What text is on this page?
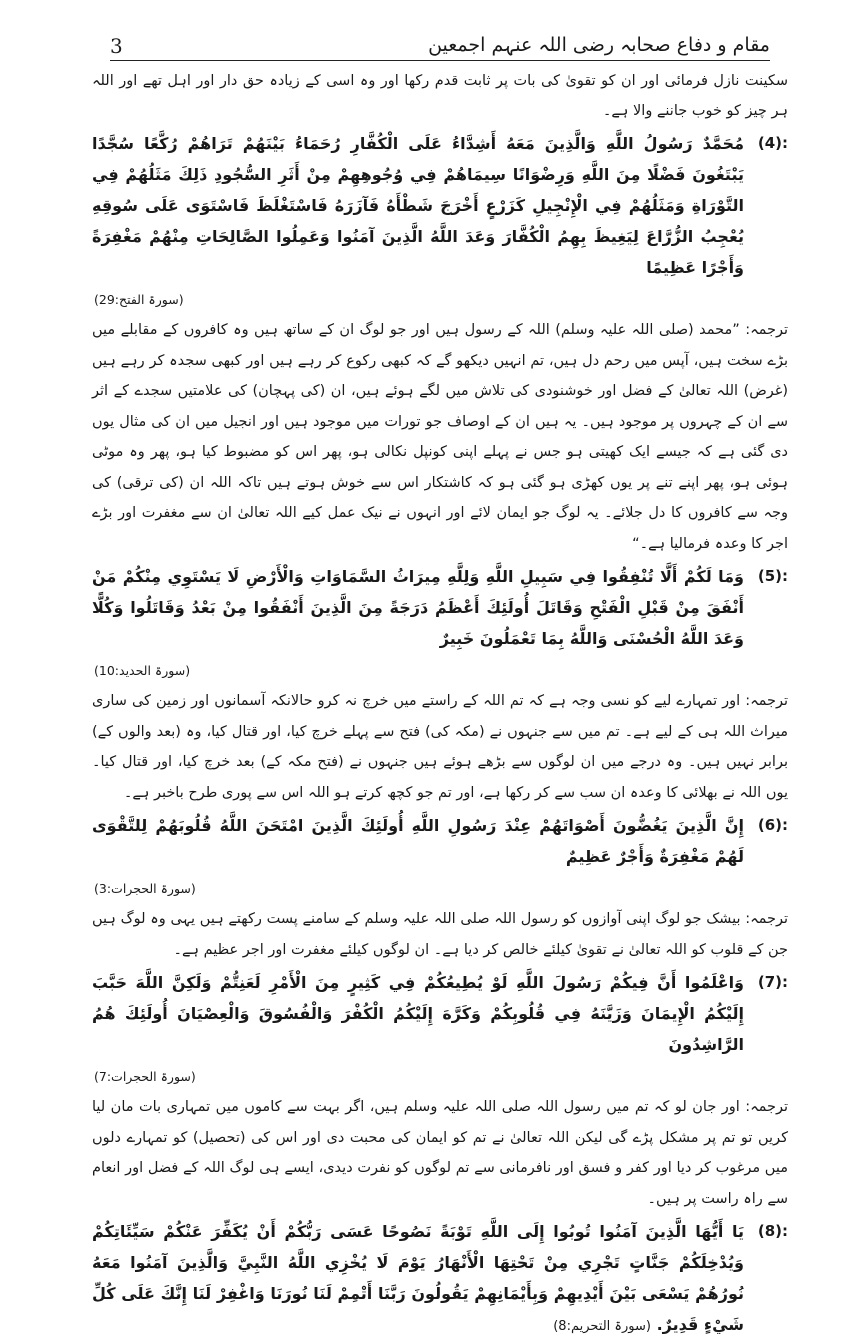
مقام و دفاع صحابہ رضی اللہ عنہم اجمعین
3

سکینت نازل فرمائی اور ان کو تقویٰ کی بات پر ثابت قدم رکھا اور وہ اسی کے زیادہ حق دار اور اہل تھے اور اللہ ہر چیز کو خوب جاننے والا ہے۔

(4):

مُحَمَّدٌ رَسُولُ اللَّهِ وَالَّذِينَ مَعَهُ أَشِدَّاءُ عَلَى الْكُفَّارِ رُحَمَاءُ بَيْنَهُمْ تَرَاهُمْ رُكَّعًا سُجَّدًا يَبْتَغُونَ فَضْلًا مِنَ اللَّهِ وَرِضْوَانًا سِيمَاهُمْ فِي وُجُوهِهِمْ مِنْ أَثَرِ السُّجُودِ ذَلِكَ مَثَلُهُمْ فِي التَّوْرَاةِ وَمَثَلُهُمْ فِي الْإِنْجِيلِ كَزَرْعٍ أَخْرَجَ شَطْأَهُ فَآزَرَهُ فَاسْتَغْلَظَ فَاسْتَوَى عَلَى سُوقِهِ يُعْجِبُ الزُّرَّاعَ لِيَغِيظَ بِهِمُ الْكُفَّارَ وَعَدَ اللَّهُ الَّذِينَ آمَنُوا وَعَمِلُوا الصَّالِحَاتِ مِنْهُمْ مَغْفِرَةً وَأَجْرًا عَظِيمًا

(سورۃ الفتح:29)

ترجمہ: ”محمد (صلی اللہ علیہ وسلم) اللہ کے رسول ہیں اور جو لوگ ان کے ساتھ ہیں وہ کافروں کے مقابلے میں بڑے سخت ہیں، آپس میں رحم دل ہیں، تم انہیں دیکھو گے کہ کبھی رکوع کر رہے ہیں اور کبھی سجدہ کر رہے ہیں (غرض) اللہ تعالیٰ کے فضل اور خوشنودی کی تلاش میں لگے ہوئے ہیں، ان (کی پہچان) کی علامتیں سجدے کے اثر سے ان کے چہروں پر موجود ہیں۔ یہ ہیں ان کے اوصاف جو تورات میں موجود ہیں اور انجیل میں ان کی مثال یوں دی گئی ہے کہ جیسے ایک کھیتی ہو جس نے پہلے اپنی کونپل نکالی ہو، پھر اس کو مضبوط کیا ہو، پھر وہ موٹی ہوئی ہو، پھر اپنے تنے پر یوں کھڑی ہو گئی ہو کہ کاشتکار اس سے خوش ہوتے ہیں تاکہ اللہ ان (کی ترقی) کی وجہ سے کافروں کا دل جلائے۔ یہ لوگ جو ایمان لائے اور انہوں نے نیک عمل کیے اللہ تعالیٰ ان سے مغفرت اور بڑے اجر کا وعدہ فرمالیا ہے۔“

(5):

وَمَا لَكُمْ أَلَّا تُنْفِقُوا فِي سَبِيلِ اللَّهِ وَلِلَّهِ مِيرَاثُ السَّمَاوَاتِ وَالْأَرْضِ لَا يَسْتَوِي مِنْكُمْ مَنْ أَنْفَقَ مِنْ قَبْلِ الْفَتْحِ وَقَاتَلَ أُولَئِكَ أَعْظَمُ دَرَجَةً مِنَ الَّذِينَ أَنْفَقُوا مِنْ بَعْدُ وَقَاتَلُوا وَكُلًّا وَعَدَ اللَّهُ الْحُسْنَى وَاللَّهُ بِمَا تَعْمَلُونَ خَبِيرٌ

(سورۃ الحدید:10)

ترجمہ: اور تمہارے لیے کو نسی وجہ ہے کہ تم اللہ کے راستے میں خرچ نہ کرو حالانکہ آسمانوں اور زمین کی ساری میراث اللہ ہی کے لیے ہے۔ تم میں سے جنہوں نے (مکہ کی) فتح سے پہلے خرچ کیا، اور قتال کیا، وہ (بعد والوں کے) برابر نہیں ہیں۔ وہ درجے میں ان لوگوں سے بڑھے ہوئے ہیں جنہوں نے (فتح مکہ کے) بعد خرچ کیا، اور قتال کیا۔ یوں اللہ نے بھلائی کا وعدہ ان سب سے کر رکھا ہے، اور تم جو کچھ کرتے ہو اللہ اس سے پوری طرح باخبر ہے۔

(6):

إِنَّ الَّذِينَ يَغُضُّونَ أَصْوَاتَهُمْ عِنْدَ رَسُولِ اللَّهِ أُولَئِكَ الَّذِينَ امْتَحَنَ اللَّهُ قُلُوبَهُمْ لِلتَّقْوَى لَهُمْ مَغْفِرَةٌ وَأَجْرٌ عَظِيمٌ

(سورۃ الحجرات:3)

ترجمہ: بیشک جو لوگ اپنی آوازوں کو رسول اللہ صلی اللہ علیہ وسلم کے سامنے پست رکھتے ہیں یہی وہ لوگ ہیں جن کے قلوب کو اللہ تعالیٰ نے تقویٰ کیلئے خالص کر دیا ہے۔ ان لوگوں کیلئے مغفرت اور اجر عظیم ہے۔

(7):

وَاعْلَمُوا أَنَّ فِيكُمْ رَسُولَ اللَّهِ لَوْ يُطِيعُكُمْ فِي كَثِيرٍ مِنَ الْأَمْرِ لَعَنِتُّمْ وَلَكِنَّ اللَّهَ حَبَّبَ إِلَيْكُمُ الْإِيمَانَ وَزَيَّنَهُ فِي قُلُوبِكُمْ وَكَرَّهَ إِلَيْكُمُ الْكُفْرَ وَالْفُسُوقَ وَالْعِصْيَانَ أُولَئِكَ هُمُ الرَّاشِدُونَ

(سورۃ الحجرات:7)

ترجمہ: اور جان لو کہ تم میں رسول اللہ صلی اللہ علیہ وسلم ہیں، اگر بہت سے کاموں میں تمہاری بات مان لیا کریں تو تم پر مشکل پڑے گی لیکن اللہ تعالیٰ نے تم کو ایمان کی محبت دی اور اس کی (تحصیل) کو تمہارے دلوں میں مرغوب کر دیا اور کفر و فسق اور نافرمانی سے تم لوگوں کو نفرت دیدی، ایسے ہی لوگ اللہ کے فضل اور انعام سے راہ راست پر ہیں۔

(8):

يَا أَيُّهَا الَّذِينَ آمَنُوا تُوبُوا إِلَى اللَّهِ تَوْبَةً نَصُوحًا عَسَى رَبُّكُمْ أَنْ يُكَفِّرَ عَنْكُمْ سَيِّئَاتِكُمْ وَيُدْخِلَكُمْ جَنَّاتٍ تَجْرِي مِنْ تَحْتِهَا الْأَنْهَارُ يَوْمَ لَا يُخْزِي اللَّهُ النَّبِيَّ وَالَّذِينَ آمَنُوا مَعَهُ نُورُهُمْ يَسْعَى بَيْنَ أَيْدِيهِمْ وَبِأَيْمَانِهِمْ يَقُولُونَ رَبَّنَا أَتْمِمْ لَنَا نُورَنَا وَاغْفِرْ لَنَا إِنَّكَ عَلَى كُلِّ شَيْءٍ قَدِيرٌ. (سورۃ التحریم:8)
